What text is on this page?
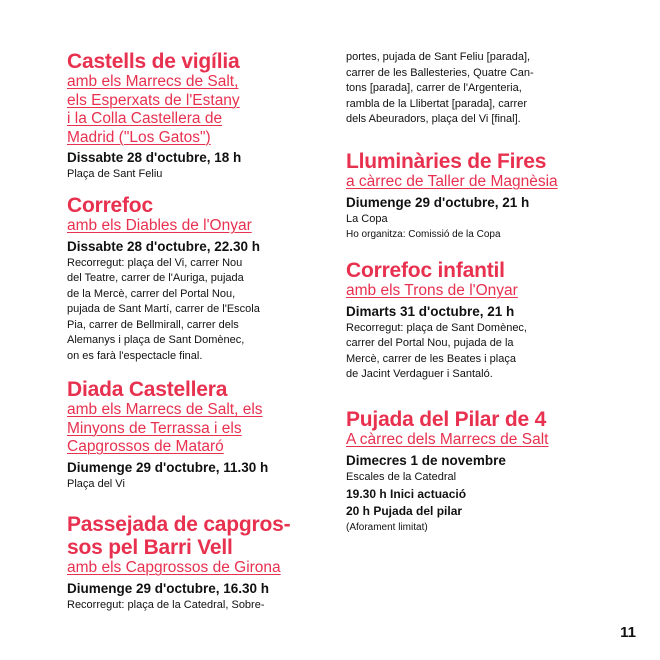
Castells de vigília

amb els Marrecs de Salt,
els Esperxats de l'Estany
i la Colla Castellera de
Madrid ("Los Gatos")

Dissabte 28 d'octubre, 18 h

Plaça de Sant Feliu

Correfoc

amb els Diables de l'Onyar

Dissabte 28 d'octubre, 22.30 h

Recorregut: plaça del Vi, carrer Nou
del Teatre, carrer de l'Auriga, pujada
de la Mercè, carrer del Portal Nou,
pujada de Sant Martí, carrer de l'Escola
Pia, carrer de Bellmirall, carrer dels
Alemanys i plaça de Sant Domènec,
on es farà l'espectacle final.

Diada Castellera

amb els Marrecs de Salt, els
Minyons de Terrassa i els
Capgrossos de Mataró

Diumenge 29 d'octubre, 11.30 h

Plaça del Vi

Passejada de capgros-
sos pel Barri Vell

amb els Capgrossos de Girona

Diumenge 29 d'octubre, 16.30 h

Recorregut: plaça de la Catedral, Sobre-

portes, pujada de Sant Feliu [parada],
carrer de les Ballesteries, Quatre Can-
tons [parada], carrer de l'Argenteria,
rambla de la Llibertat [parada], carrer
dels Abeuradors, plaça del Vi [final].

Lluminàries de Fires

a càrrec de Taller de Magnèsia

Diumenge 29 d'octubre, 21 h

La Copa

Ho organitza: Comissió de la Copa

Correfoc infantil

amb els Trons de l'Onyar

Dimarts 31 d'octubre, 21 h

Recorregut: plaça de Sant Domènec,
carrer del Portal Nou, pujada de la
Mercè, carrer de les Beates i plaça
de Jacint Verdaguer i Santaló.

Pujada del Pilar de 4

A càrrec dels Marrecs de Salt

Dimecres 1 de novembre

Escales de la Catedral

19.30 h Inici actuació

20 h Pujada del pilar

(Aforament limitat)

11
